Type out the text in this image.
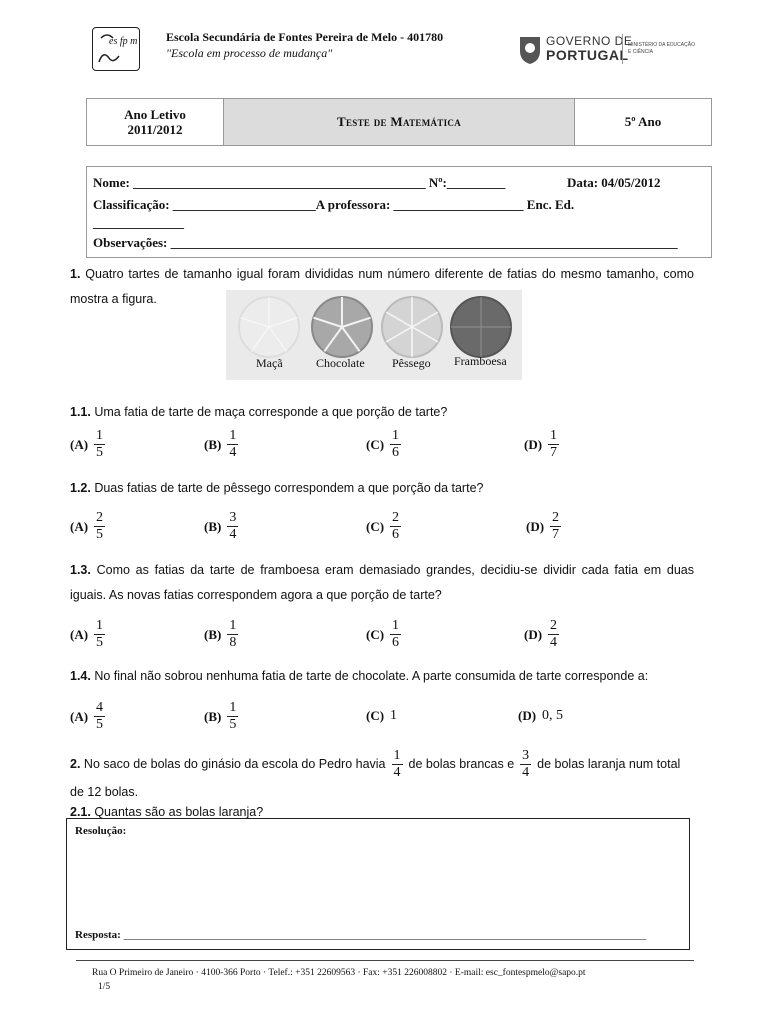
es fp m Escola Secundária de Fontes Pereira de Melo - 401780
"Escola em processo de mudança"
GOVERNO DE
PORTUGAL
MINISTÉRIO DA EDUCAÇÃO
E CIÊNCIA
Ano Letivo
2011/2012
Teste de Matemática	5º Ano
Nome: _____________________________________________ Nº:_________	Data: 04/05/2012
Classificação: ______________________A professora: ____________________ Enc. Ed.
______________
Observações: ______________________________________________________________________________
1. Quatro tartes de tamanho igual foram divididas num número diferente de fatias do mesmo tamanho, como mostra a figura.
Maçã	Chocolate Pêssego Framboesa
1.1. Uma fatia de tarte de maça corresponde a que porção de tarte?
$(A) \frac{1}{5}$	$(B) \frac{1}{4}$	$(C) \frac{1}{6}$	$(D) \frac{1}{7}$
1.2. Duas fatias de tarte de pêssego correspondem a que porção da tarte?
$(A) \frac{2}{5}$	$(B) \frac{3}{4}$	$(C) \frac{2}{6}$	$(D) \frac{2}{7}$
1.3. Como as fatias da tarte de framboesa eram demasiado grandes, decidiu-se dividir cada fatia em duas iguais. As novas fatias correspondem agora a que porção de tarte?
$(A) \frac{1}{5}$	$(B) \frac{1}{8}$	$(C) \frac{1}{6}$	$(D) \frac{2}{4}$
1.4. No final não sobrou nenhuma fatia de tarte de chocolate. A parte consumida de tarte corresponde a:
$(A) \frac{4}{5}$	$(B) \frac{1}{5}$	(C) 1	(D) 0, 5
2. No saco de bolas do ginásio da escola do Pedro havia $\frac{1}{4}$ de bolas brancas e $\frac{3}{4}$ de bolas laranja num total
de 12 bolas.
2.1. Quantas são as bolas laranja?
Resolução:
Resposta: _______________________________________________________________________________________________
Rua O Primeiro de Janeiro · 4100-366 Porto · Telef.: +351 22609563 · Fax: +351 226008802 · E-mail: esc_fontespmelo@sapo.pt
1/5
